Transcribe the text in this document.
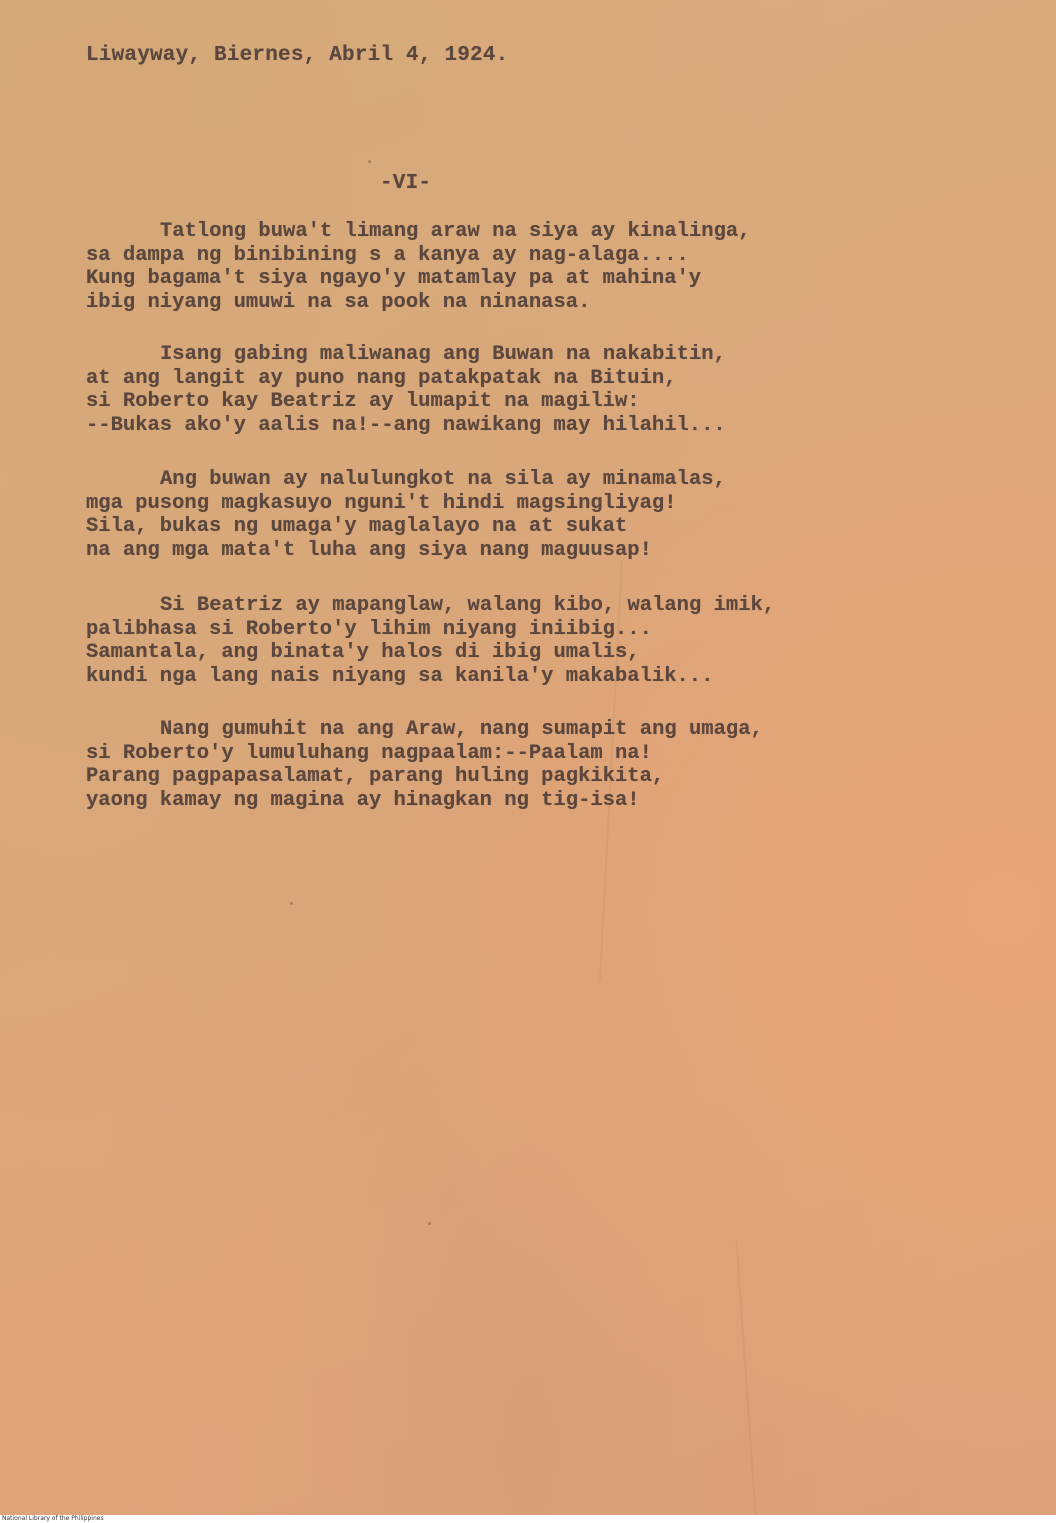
Liwayway, Biernes, Abril 4, 1924.
-VI-
Tatlong buwa't limang araw na siya ay kinalinga,
sa dampa ng binibining s a kanya ay nag-alaga....
Kung bagama't siya ngayo'y matamlay pa at mahina'y
ibig niyang umuwi na sa pook na ninanasa.
Isang gabing maliwanag ang Buwan na nakabitin,
at ang langit ay puno nang patakpatak na Bituin,
si Roberto kay Beatriz ay lumapit na magiliw:
--Bukas ako'y aalis na!--ang nawikang may hilahil...
Ang buwan ay nalulungkot na sila ay minamalas,
mga pusong magkasuyo nguni't hindi magsingliyag!
Sila, bukas ng umaga'y maglalayo na at sukat
na ang mga mata't luha ang siya nang maguusap!
Si Beatriz ay mapanglaw, walang kibo, walang imik,
palibhasa si Roberto'y lihim niyang iniibig...
Samantala, ang binata'y halos di ibig umalis,
kundi nga lang nais niyang sa kanila'y makabalik...
Nang gumuhit na ang Araw, nang sumapit ang umaga,
si Roberto'y lumuluhang nagpaalam:--Paalam na!
Parang pagpapasalamat, parang huling pagkikita,
yaong kamay ng magina ay hinagkan ng tig-isa!
National Library of the Philippines
